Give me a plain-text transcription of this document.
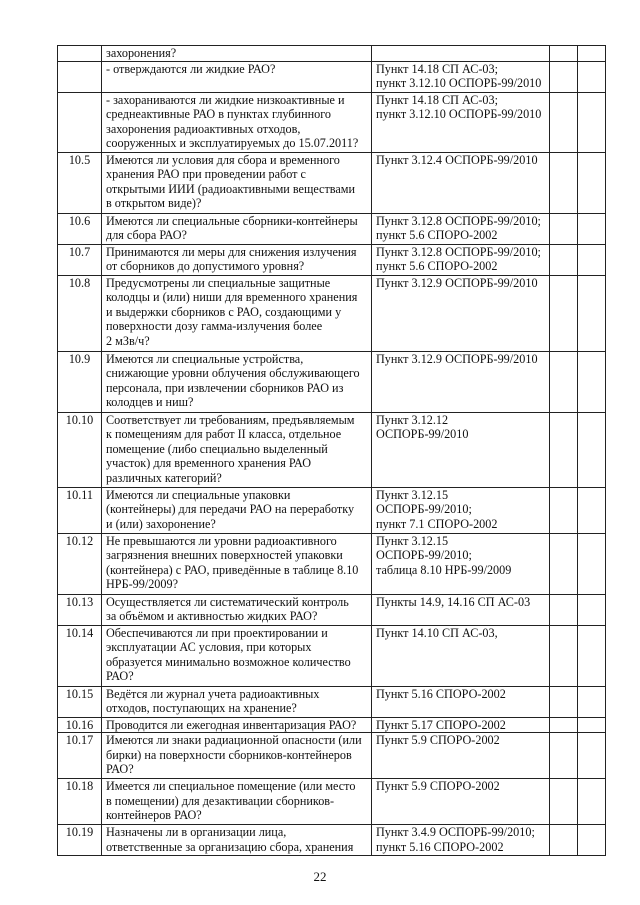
	захоронения?			
	- отверждаются ли жидкие РАО?	Пункт 14.18 СП АС-03;
пункт 3.12.10 ОСПОРБ-99/2010		
	- захораниваются ли жидкие низкоактивные и
среднеактивные РАО в пунктах глубинного
захоронения радиоактивных отходов,
сооруженных и эксплуатируемых до 15.07.2011?	Пункт 14.18 СП АС-03;
пункт 3.12.10 ОСПОРБ-99/2010		
10.5	Имеются ли условия для сбора и временного
хранения РАО при проведении работ с
открытыми ИИИ (радиоактивными веществами
в открытом виде)?	Пункт 3.12.4 ОСПОРБ-99/2010		
10.6	Имеются ли специальные сборники-контейнеры
для сбора РАО?	Пункт 3.12.8 ОСПОРБ-99/2010;
пункт 5.6 СПОРО-2002		
10.7	Принимаются ли меры для снижения излучения
от сборников до допустимого уровня?	Пункт 3.12.8 ОСПОРБ-99/2010;
пункт 5.6 СПОРО-2002		
10.8	Предусмотрены ли специальные защитные
колодцы и (или) ниши для временного хранения
и выдержки сборников с РАО, создающими у
поверхности дозу гамма-излучения более
2 мЗв/ч?	Пункт 3.12.9 ОСПОРБ-99/2010		
10.9	Имеются ли специальные устройства,
снижающие уровни облучения обслуживающего
персонала, при извлечении сборников РАО из
колодцев и ниш?	Пункт 3.12.9 ОСПОРБ-99/2010		
10.10	Соответствует ли требованиям, предъявляемым
к помещениям для работ II класса, отдельное
помещение (либо специально выделенный
участок) для временного хранения РАО
различных категорий?	Пункт 3.12.12
ОСПОРБ-99/2010		
10.11	Имеются ли специальные упаковки
(контейнеры) для передачи РАО на переработку
и (или) захоронение?	Пункт 3.12.15
ОСПОРБ-99/2010;
пункт 7.1 СПОРО-2002		
10.12	Не превышаются ли уровни радиоактивного
загрязнения внешних поверхностей упаковки
(контейнера) с РАО, приведённые в таблице 8.10
НРБ-99/2009?	Пункт 3.12.15
ОСПОРБ-99/2010;
таблица 8.10 НРБ-99/2009		
10.13	Осуществляется ли систематический контроль
за объёмом и активностью жидких РАО?	Пункты 14.9, 14.16 СП АС-03		
10.14	Обеспечиваются ли при проектировании и
эксплуатации АС условия, при которых
образуется минимально возможное количество
РАО?	Пункт 14.10 СП АС-03,		
10.15	Ведётся ли журнал учета радиоактивных
отходов, поступающих на хранение?	Пункт 5.16 СПОРО-2002		
10.16	Проводится ли ежегодная инвентаризация РАО?	Пункт 5.17 СПОРО-2002		
10.17	Имеются ли знаки радиационной опасности (или
бирки) на поверхности сборников-контейнеров
РАО?	Пункт 5.9 СПОРО-2002		
10.18	Имеется ли специальное помещение (или место
в помещении) для дезактивации сборников-
контейнеров РАО?	Пункт 5.9 СПОРО-2002		
10.19	Назначены ли в организации лица,
ответственные за организацию сбора, хранения	Пункт 3.4.9 ОСПОРБ-99/2010;
пункт 5.16 СПОРО-2002		
22
